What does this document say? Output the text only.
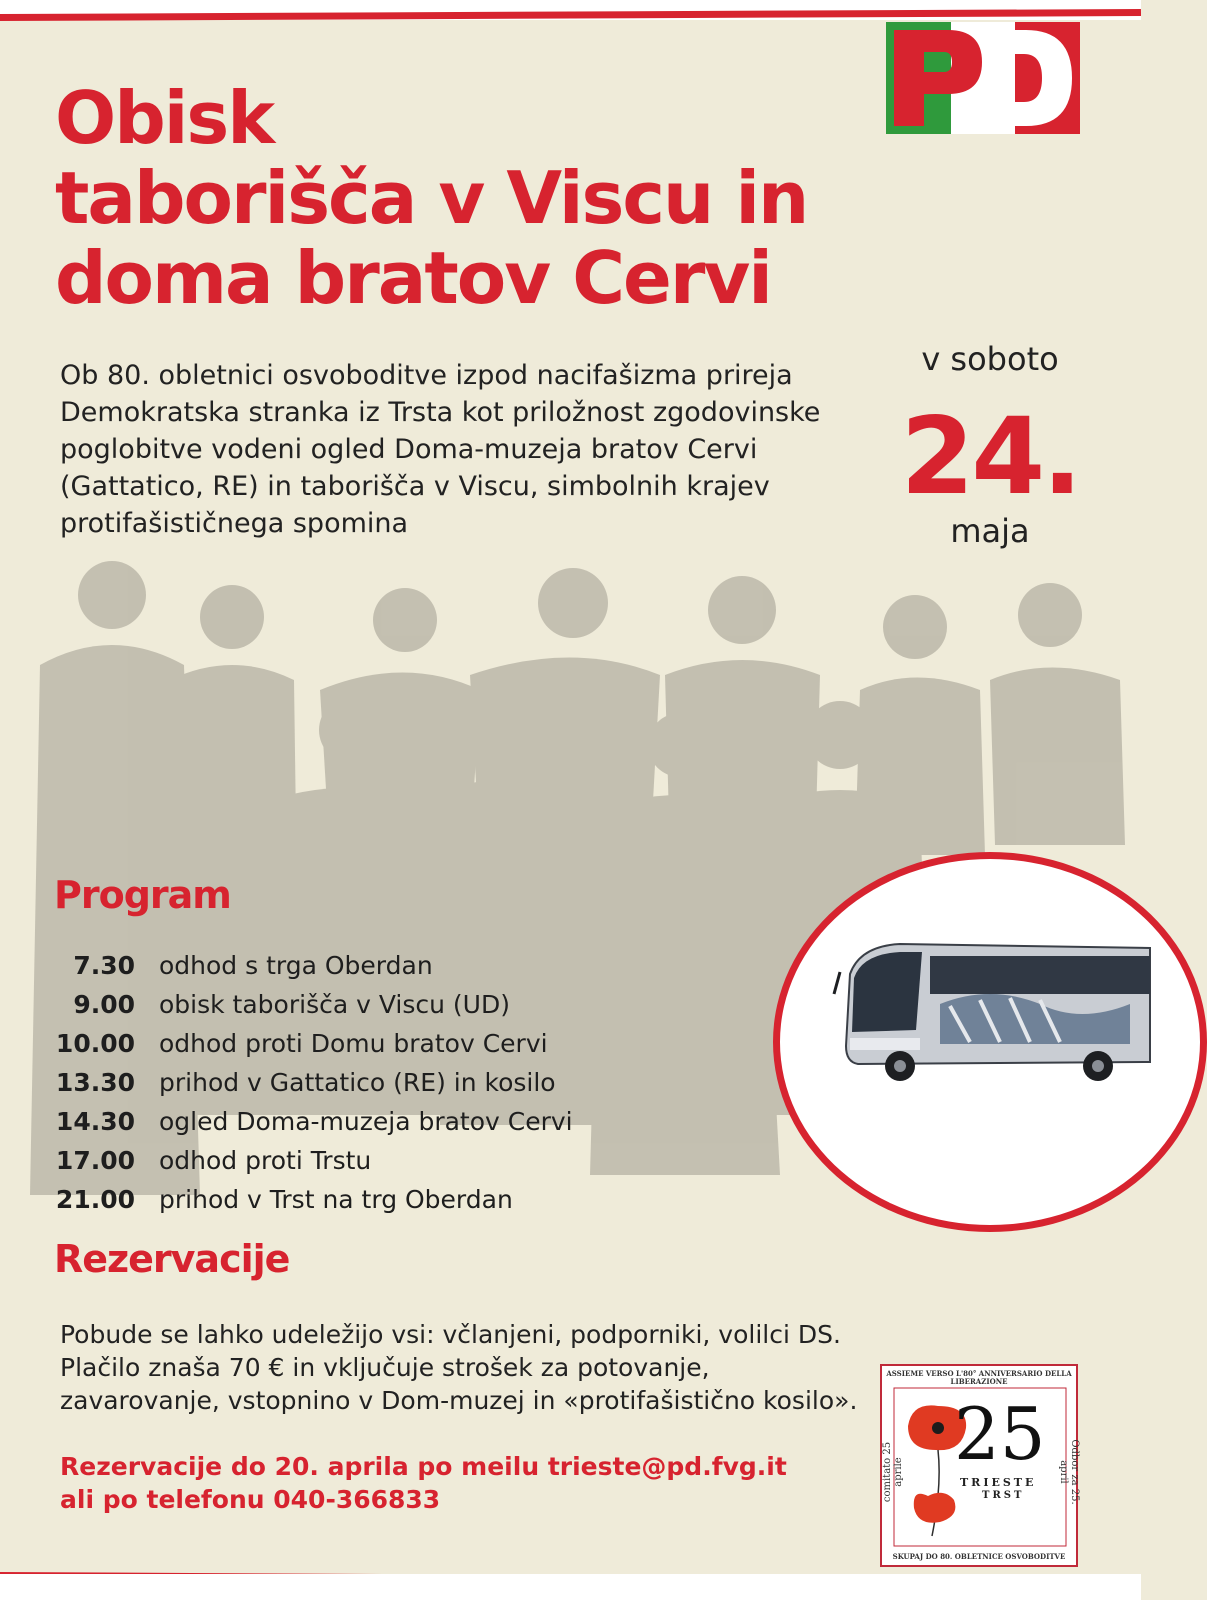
Obisk
taborišča v Viscu in
doma bratov Cervi

Ob 80. obletnici osvoboditve izpod nacifašizma prireja Demokratska stranka iz Trsta kot priložnost zgodovinske poglobitve vodeni ogled Doma-muzeja bratov Cervi (Gattatico, RE) in taborišča v Viscu, simbolnih krajev protifašističnega spomina

v soboto
24.
maja
Program
7.30 odhod s trga Oberdan
9.00 obisk taborišča v Viscu (UD)
10.00 odhod proti Domu bratov Cervi
13.30 prihod v Gattatico (RE) in kosilo
14.30 ogled Doma-muzeja bratov Cervi
17.00 odhod proti Trstu
21.00 prihod v Trst na trg Oberdan
Rezervacije

Pobude se lahko udeležijo vsi: včlanjeni, podporniki, volilci DS. Plačilo znaša 70 € in vključuje strošek za potovanje, zavarovanje, vstopnino v Dom-muzej in «protifašistično kosilo».

Rezervacije do 20. aprila po meilu trieste@pd.fvg.it
ali po telefonu 040-366833
ASSIEME VERSO L'80° ANNIVERSARIO DELLA LIBERAZIONE
25
TRIESTE
TRST
comitato 25 aprile	Odbor za 25. april
SKUPAJ DO 80. OBLETNICE OSVOBODITVE
